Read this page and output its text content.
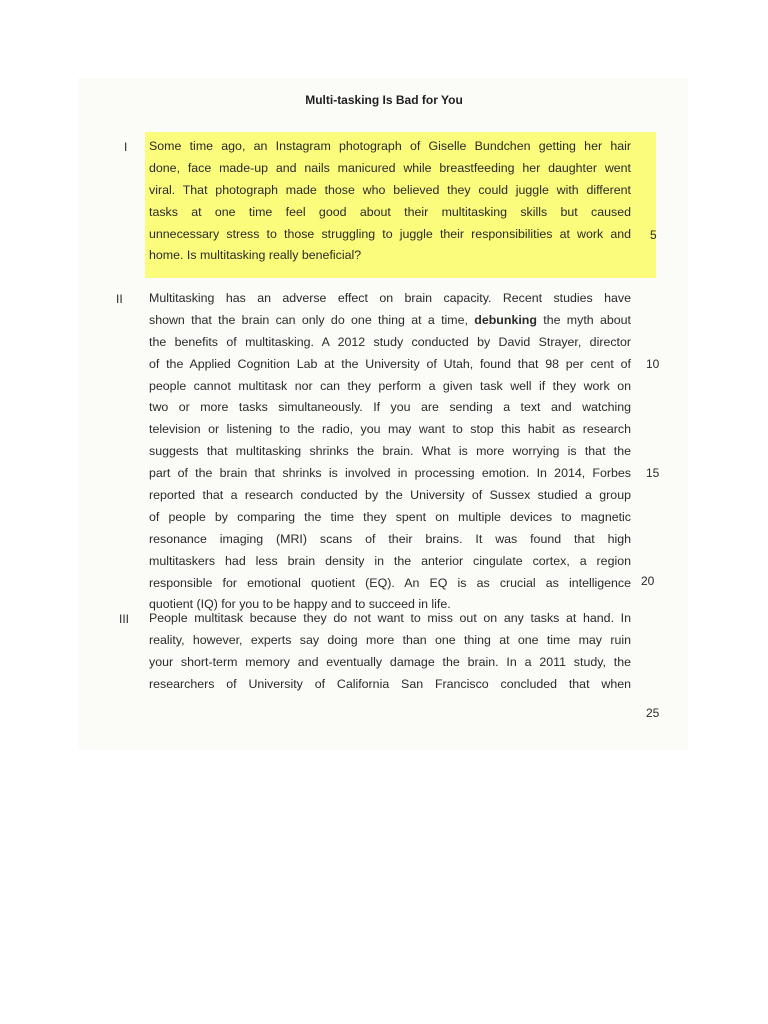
Multi-tasking Is Bad for You
I Some time ago, an Instagram photograph of Giselle Bundchen getting her hair
done, face made-up and nails manicured while breastfeeding her daughter went
viral. That photograph made those who believed they could juggle with different
tasks at one time feel good about their multitasking skills but caused
unnecessary stress to those struggling to juggle their responsibilities at work and
home. Is multitasking really beneficial?
II Multitasking has an adverse effect on brain capacity. Recent studies have
shown that the brain can only do one thing at a time, debunking the myth about
the benefits of multitasking. A 2012 study conducted by David Strayer, director
of the Applied Cognition Lab at the University of Utah, found that 98 per cent of
people cannot multitask nor can they perform a given task well if they work on
two or more tasks simultaneously. If you are sending a text and watching
television or listening to the radio, you may want to stop this habit as research
suggests that multitasking shrinks the brain. What is more worrying is that the
part of the brain that shrinks is involved in processing emotion. In 2014, Forbes
reported that a research conducted by the University of Sussex studied a group
of people by comparing the time they spent on multiple devices to magnetic
resonance imaging (MRI) scans of their brains. It was found that high
multitaskers had less brain density in the anterior cingulate cortex, a region
responsible for emotional quotient (EQ). An EQ is as crucial as intelligence
quotient (IQ) for you to be happy and to succeed in life.
III People multitask because they do not want to miss out on any tasks at hand. In
reality, however, experts say doing more than one thing at one time may ruin
your short-term memory and eventually damage the brain. In a 2011 study, the
researchers of University of California San Francisco concluded that when
5
10
15
20
25
